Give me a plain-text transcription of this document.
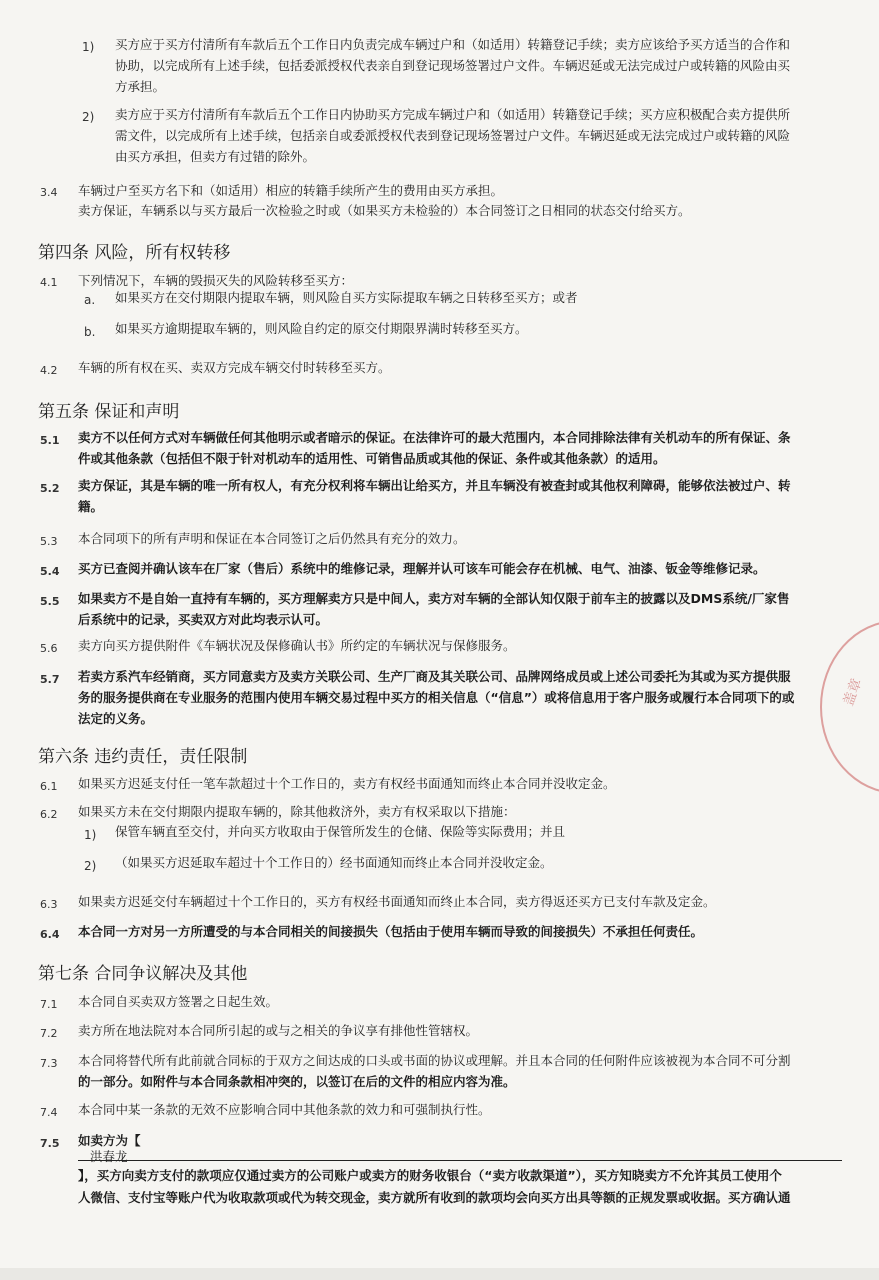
1) 买方应于买方付清所有车款后五个工作日内负责完成车辆过户和（如适用）转籍登记手续；卖方应该给予买方适当的合作和
协助，以完成所有上述手续，包括委派授权代表亲自到登记现场签署过户文件。车辆迟延或无法完成过户或转籍的风险由买
方承担。
2) 卖方应于买方付清所有车款后五个工作日内协助买方完成车辆过户和（如适用）转籍登记手续；买方应积极配合卖方提供所
需文件，以完成所有上述手续，包括亲自或委派授权代表到登记现场签署过户文件。车辆迟延或无法完成过户或转籍的风险
由买方承担，但卖方有过错的除外。
3.4 车辆过户至买方名下和（如适用）相应的转籍手续所产生的费用由买方承担。
卖方保证，车辆系以与买方最后一次检验之时或（如果买方未检验的）本合同签订之日相同的状态交付给买方。
第四条 风险，所有权转移
4.1 下列情况下，车辆的毁损灭失的风险转移至买方：
a. 如果买方在交付期限内提取车辆，则风险自买方实际提取车辆之日转移至买方；或者
b. 如果买方逾期提取车辆的，则风险自约定的原交付期限界满时转移至买方。
4.2 车辆的所有权在买、卖双方完成车辆交付时转移至买方。
第五条 保证和声明
5.1 卖方不以任何方式对车辆做任何其他明示或者暗示的保证。在法律许可的最大范围内，本合同排除法律有关机动车的所有保证、条
件或其他条款（包括但不限于针对机动车的适用性、可销售品质或其他的保证、条件或其他条款）的适用。
5.2 卖方保证，其是车辆的唯一所有权人，有充分权利将车辆出让给买方，并且车辆没有被查封或其他权利障碍，能够依法被过户、转
籍。
5.3 本合同项下的所有声明和保证在本合同签订之后仍然具有充分的效力。
5.4 买方已查阅并确认该车在厂家（售后）系统中的维修记录，理解并认可该车可能会存在机械、电气、油漆、钣金等维修记录。
5.5 如果卖方不是自始一直持有车辆的，买方理解卖方只是中间人，卖方对车辆的全部认知仅限于前车主的披露以及DMS系统/厂家售
后系统中的记录，买卖双方对此均表示认可。
5.6 卖方向买方提供附件《车辆状况及保修确认书》所约定的车辆状况与保修服务。
5.7 若卖方系汽车经销商，买方同意卖方及卖方关联公司、生产厂商及其关联公司、品牌网络成员或上述公司委托为其或为买方提供服
务的服务提供商在专业服务的范围内使用车辆交易过程中买方的相关信息（“信息”）或将信息用于客户服务或履行本合同项下的或
法定的义务。
第六条 违约责任，责任限制
6.1 如果买方迟延支付任一笔车款超过十个工作日的，卖方有权经书面通知而终止本合同并没收定金。
6.2 如果买方未在交付期限内提取车辆的，除其他救济外，卖方有权采取以下措施：
1) 保管车辆直至交付，并向买方收取由于保管所发生的仓储、保险等实际费用；并且
2) （如果买方迟延取车超过十个工作日的）经书面通知而终止本合同并没收定金。
6.3 如果卖方迟延交付车辆超过十个工作日的，买方有权经书面通知而终止本合同，卖方得返还买方已支付车款及定金。
6.4 本合同一方对另一方所遭受的与本合同相关的间接损失（包括由于使用车辆而导致的间接损失）不承担任何责任。
第七条 合同争议解决及其他
7.1 本合同自买卖双方签署之日起生效。
7.2 卖方所在地法院对本合同所引起的或与之相关的争议享有排他性管辖权。
7.3 本合同将替代所有此前就合同标的于双方之间达成的口头或书面的协议或理解。并且本合同的任何附件应该被视为本合同不可分割
的一部分。如附件与本合同条款相冲突的，以签订在后的文件的相应内容为准。
7.4 本合同中某一条款的无效不应影响合同中其他条款的效力和可强制执行性。
7.5 如卖方为【
洪春龙
】，买方向卖方支付的款项应仅通过卖方的公司账户或卖方的财务收银台（“卖方收款渠道”），买方知晓卖方不允许其员工使用个
人微信、支付宝等账户代为收取款项或代为转交现金，卖方就所有收到的款项均会向买方出具等额的正规发票或收据。买方确认通
盖章
